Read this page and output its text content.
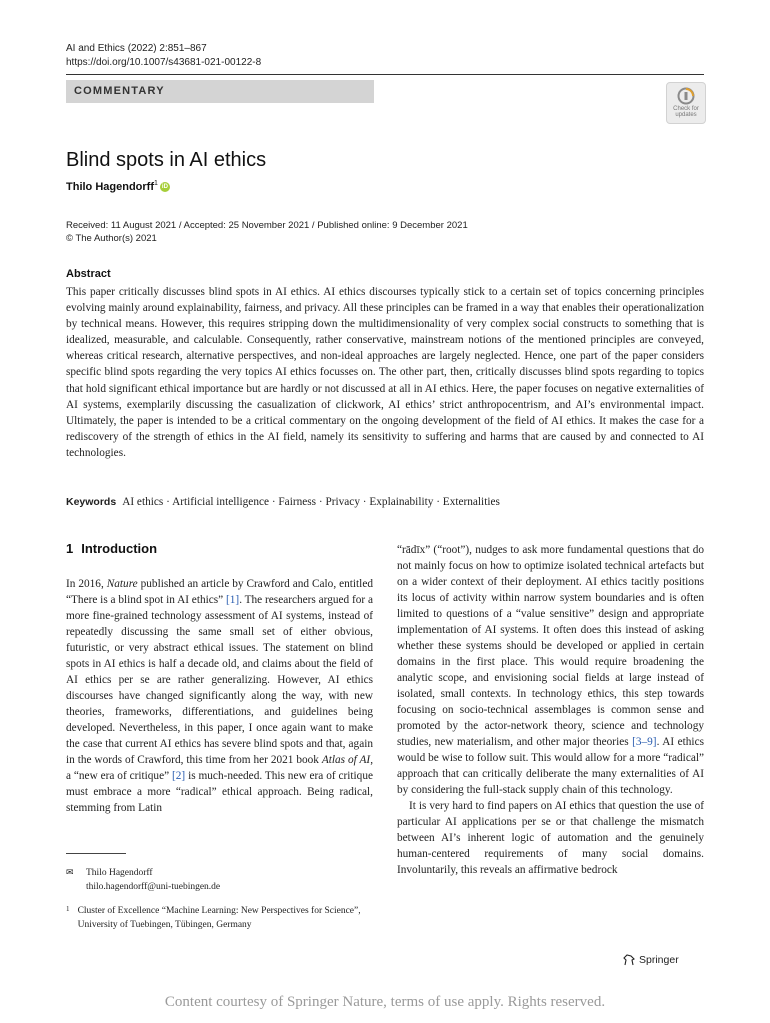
AI and Ethics (2022) 2:851–867
https://doi.org/10.1007/s43681-021-00122-8
COMMENTARY
Check for
updates
Blind spots in AI ethics
Thilo Hagendorff$^1$ iD
Received: 11 August 2021 / Accepted: 25 November 2021 / Published online: 9 December 2021
© The Author(s) 2021
Abstract
This paper critically discusses blind spots in AI ethics. AI ethics discourses typically stick to a certain set of topics concerning principles evolving mainly around explainability, fairness, and privacy. All these principles can be framed in a way that enables their operationalization by technical means. However, this requires stripping down the multidimensionality of very complex social constructs to something that is idealized, measurable, and calculable. Consequently, rather conservative, mainstream notions of the mentioned principles are conveyed, whereas critical research, alternative perspectives, and non-ideal approaches are largely neglected. Hence, one part of the paper considers specific blind spots regarding the very topics AI ethics focusses on. The other part, then, critically discusses blind spots regarding to topics that hold significant ethical importance but are hardly or not discussed at all in AI ethics. Here, the paper focuses on negative externalities of AI systems, exemplarily discussing the casualization of clickwork, AI ethics’ strict anthropocentrism, and AI’s environmental impact. Ultimately, the paper is intended to be a critical commentary on the ongoing development of the field of AI ethics. It makes the case for a rediscovery of the strength of ethics in the AI field, namely its sensitivity to suffering and harms that are caused by and connected to AI technologies.
Keywords AI ethics · Artificial intelligence · Fairness · Privacy · Explainability · Externalities
1 Introduction

In 2016, Nature published an article by Crawford and Calo, entitled “There is a blind spot in AI ethics” [1]. The researchers argued for a more fine-grained technology assessment of AI systems, instead of repeatedly discussing the same small set of either obvious, futuristic, or very abstract ethical issues. The statement on blind spots in AI ethics is half a decade old, and claims about the field of AI ethics per se are rather generalizing. However, AI ethics discourses have changed significantly along the way, with new theories, frameworks, differentiations, and guidelines being developed. Nevertheless, in this paper, I once again want to make the case that current AI ethics has severe blind spots and that, again in the words of Crawford, this time from her 2021 book Atlas of AI, a “new era of critique” [2] is much-needed. This new era of critique must embrace a more “radical” ethical approach. Being radical, stemming from Latin

“rādīx” (“root”), nudges to ask more fundamental questions that do not mainly focus on how to optimize isolated technical artefacts but on a wider context of their deployment. AI ethics tacitly positions its locus of activity within narrow system boundaries and is often limited to questions of a “value sensitive” design and appropriate implementation of AI systems. It often does this instead of asking whether these systems should be developed or applied in certain domains in the first place. This would require broadening the analytic scope, and envisioning social fields at large instead of isolated, small contexts. In technology ethics, this step towards focusing on socio-technical assemblages is common sense and promoted by the actor-network theory, science and technology studies, new materialism, and other major theories [3–9]. AI ethics would be wise to follow suit. This would allow for a more “radical” approach that can critically deliberate the many externalities of AI by considering the full-stack supply chain of this technology.

It is very hard to find papers on AI ethics that question the use of particular AI applications per se or that challenge the mismatch between AI’s inherent logic of automation and the genuinely human-centered requirements of many social domains. Involuntarily, this reveals an affirmative bedrock

✉ Thilo Hagendorff
thilo.hagendorff@uni-tuebingen.de
1 Cluster of Excellence “Machine Learning: New Perspectives for Science”, University of Tuebingen, Tübingen, Germany
Springer
Content courtesy of Springer Nature, terms of use apply. Rights reserved.
